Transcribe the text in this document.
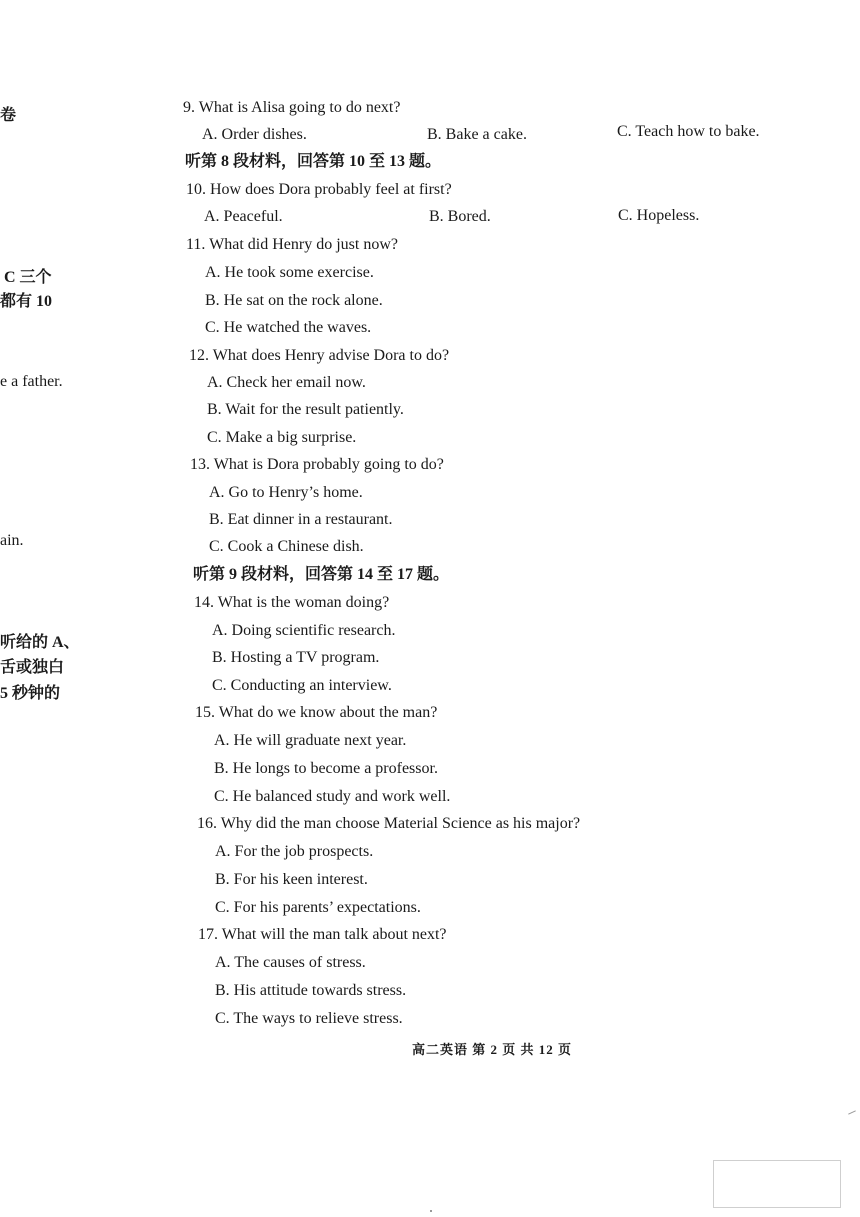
卷
C 三个
都有 10
e a father.
ain.
听给的 A、
舌或独白
5 秒钟的
9. What is Alisa going to do next?
A. Order dishes.	B. Bake a cake.	C. Teach how to bake.
听第 8 段材料，回答第 10 至 13 题。
10. How does Dora probably feel at first?
A. Peaceful.	B. Bored.	C. Hopeless.
11. What did Henry do just now?
A. He took some exercise.
B. He sat on the rock alone.
C. He watched the waves.
12. What does Henry advise Dora to do?
A. Check her email now.
B. Wait for the result patiently.
C. Make a big surprise.
13. What is Dora probably going to do?
A. Go to Henry’s home.
B. Eat dinner in a restaurant.
C. Cook a Chinese dish.
听第 9 段材料，回答第 14 至 17 题。
14. What is the woman doing?
A. Doing scientific research.
B. Hosting a TV program.
C. Conducting an interview.
15. What do we know about the man?
A. He will graduate next year.
B. He longs to become a professor.
C. He balanced study and work well.
16. Why did the man choose Material Science as his major?
A. For the job prospects.
B. For his keen interest.
C. For his parents’ expectations.
17. What will the man talk about next?
A. The causes of stress.
B. His attitude towards stress.
C. The ways to relieve stress.
高二英语 第 2 页 共 12 页
